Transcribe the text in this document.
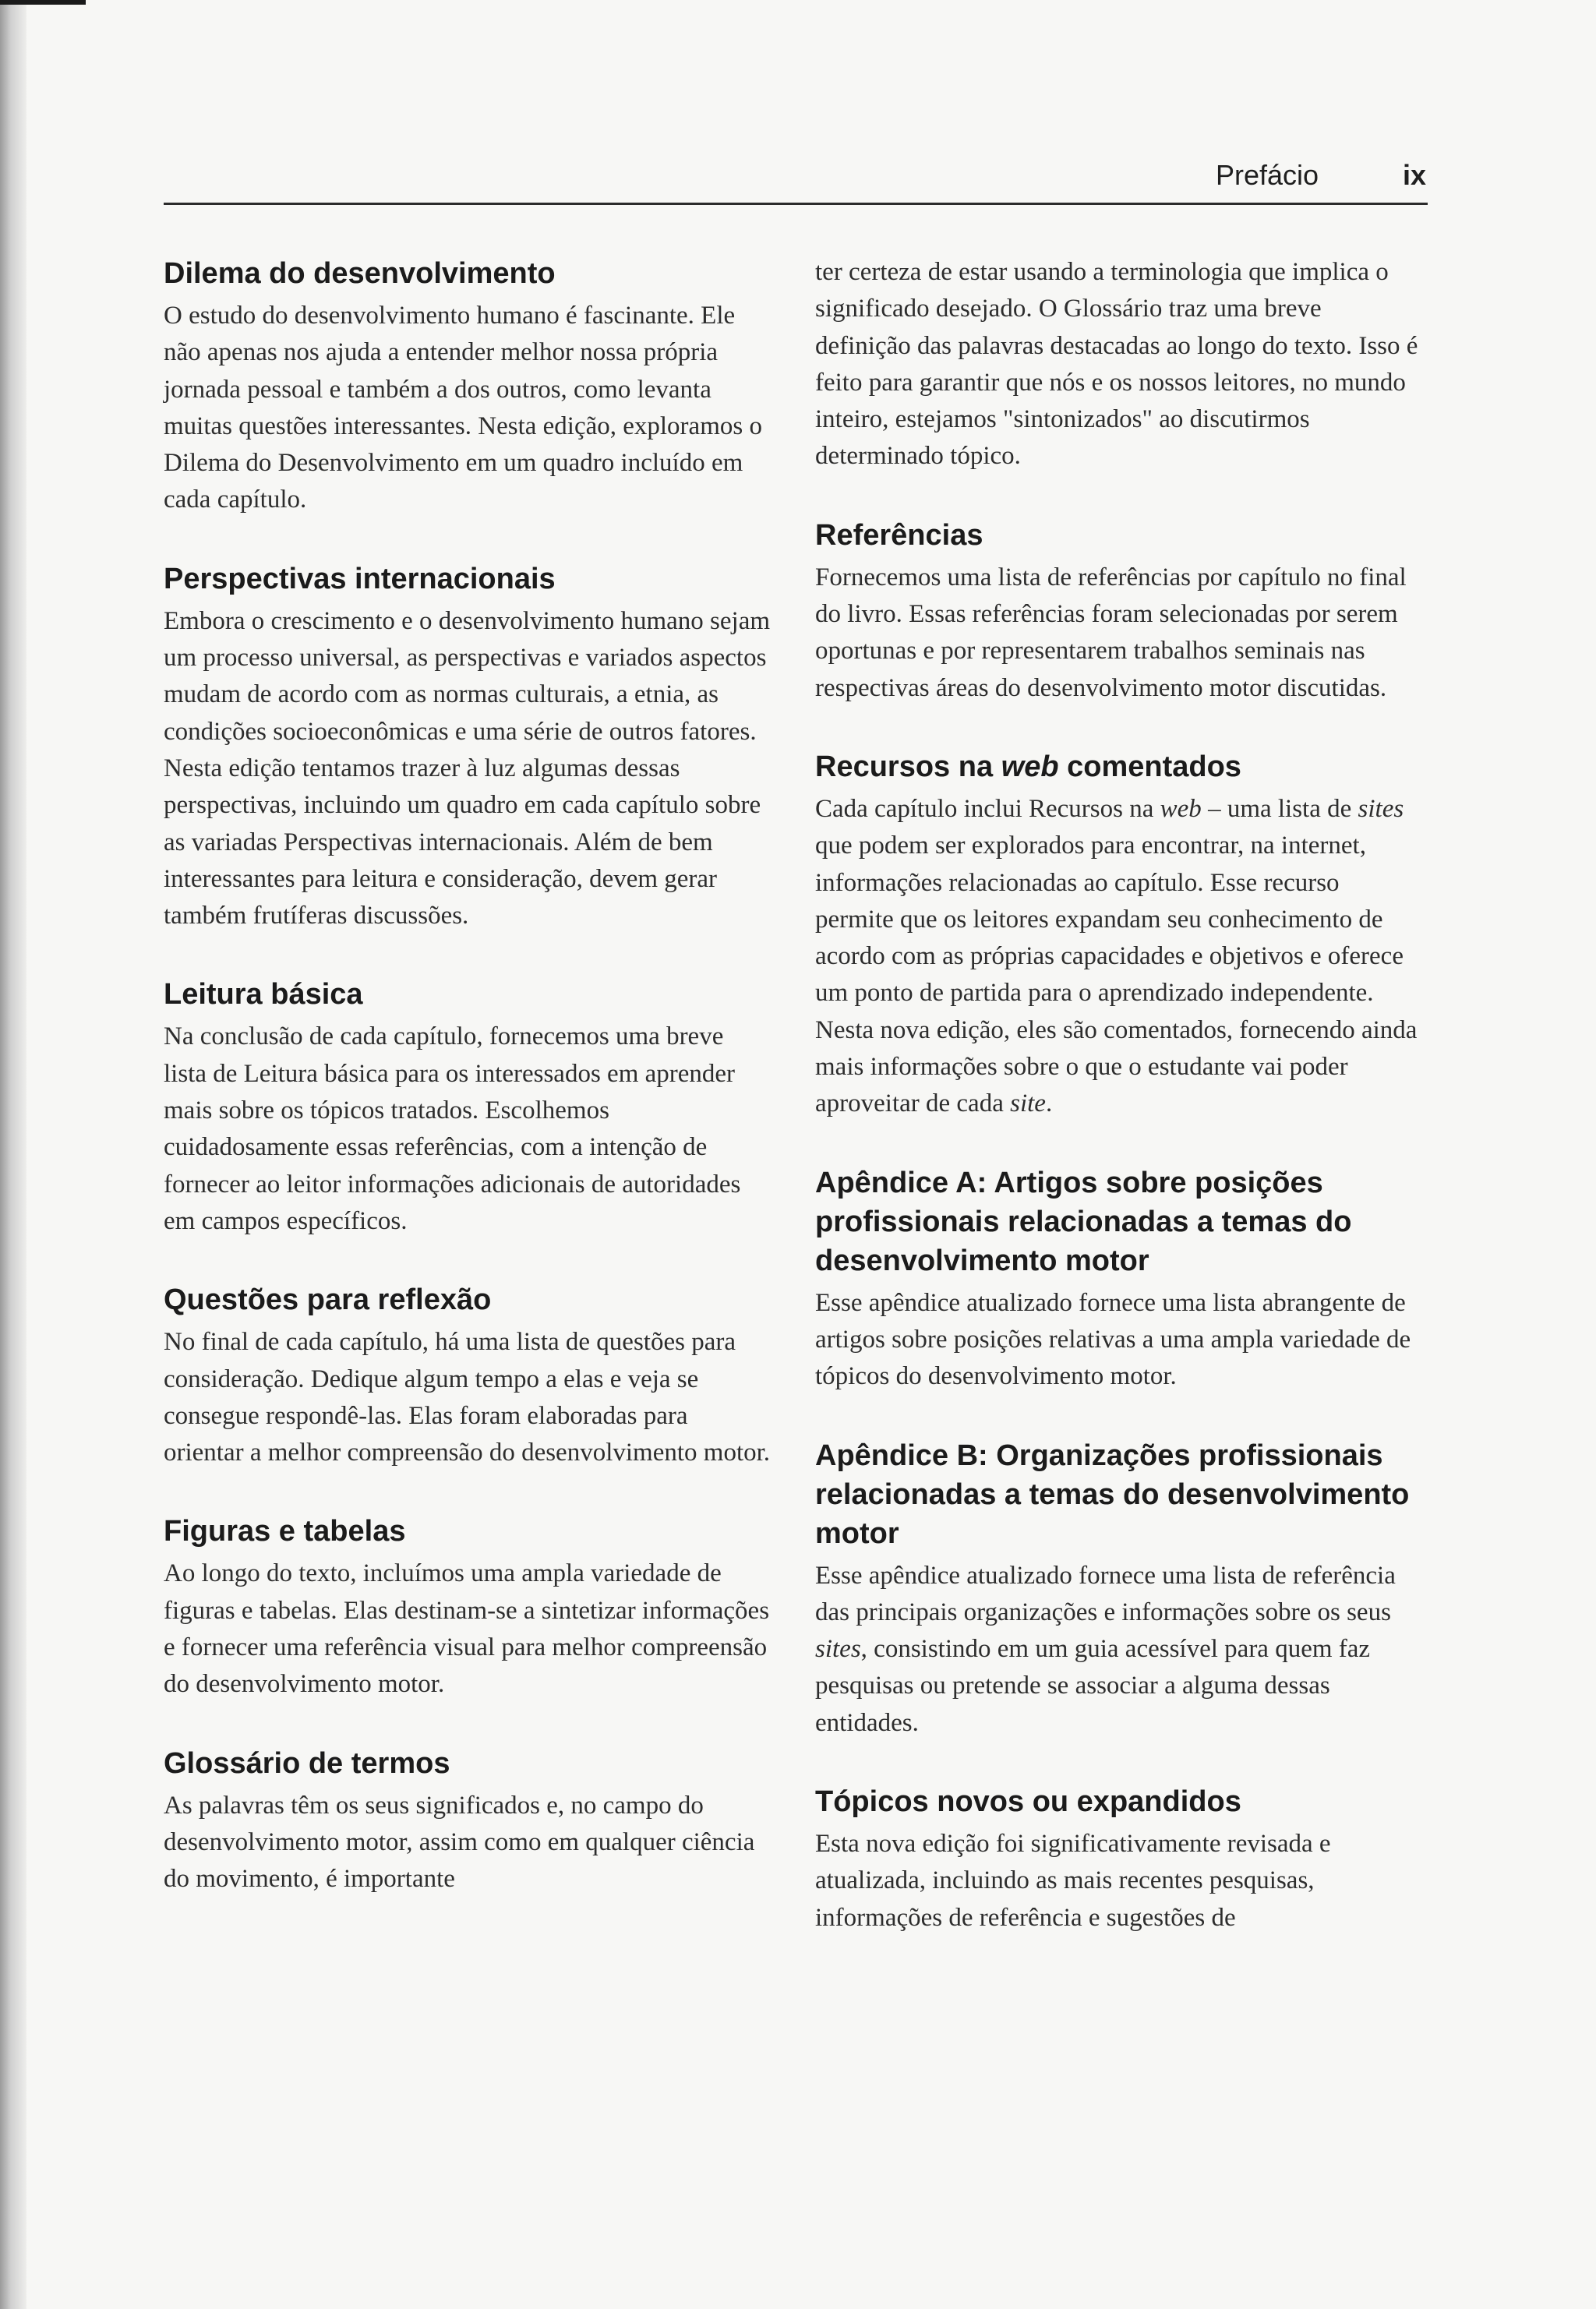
Prefácio	ix
Dilema do desenvolvimento

O estudo do desenvolvimento humano é fascinante. Ele não apenas nos ajuda a entender melhor nossa própria jornada pessoal e também a dos outros, como levanta muitas questões interessantes. Nesta edição, exploramos o Dilema do Desenvolvimento em um quadro incluído em cada capítulo.

Perspectivas internacionais

Embora o crescimento e o desenvolvimento humano sejam um processo universal, as perspectivas e variados aspectos mudam de acordo com as normas culturais, a etnia, as condições socioeconômicas e uma série de outros fatores. Nesta edição tentamos trazer à luz algumas dessas perspectivas, incluindo um quadro em cada capítulo sobre as variadas Perspectivas internacionais. Além de bem interessantes para leitura e consideração, devem gerar também frutíferas discussões.

Leitura básica

Na conclusão de cada capítulo, fornecemos uma breve lista de Leitura básica para os interessados em aprender mais sobre os tópicos tratados. Escolhemos cuidadosamente essas referências, com a intenção de fornecer ao leitor informações adicionais de autoridades em campos específicos.

Questões para reflexão

No final de cada capítulo, há uma lista de questões para consideração. Dedique algum tempo a elas e veja se consegue respondê-las. Elas foram elaboradas para orientar a melhor compreensão do desenvolvimento motor.

Figuras e tabelas

Ao longo do texto, incluímos uma ampla variedade de figuras e tabelas. Elas destinam-se a sintetizar informações e fornecer uma referência visual para melhor compreensão do desenvolvimento motor.

Glossário de termos

As palavras têm os seus significados e, no campo do desenvolvimento motor, assim como em qualquer ciência do movimento, é importante

ter certeza de estar usando a terminologia que implica o significado desejado. O Glossário traz uma breve definição das palavras destacadas ao longo do texto. Isso é feito para garantir que nós e os nossos leitores, no mundo inteiro, estejamos "sintonizados" ao discutirmos determinado tópico.

Referências

Fornecemos uma lista de referências por capítulo no final do livro. Essas referências foram selecionadas por serem oportunas e por representarem trabalhos seminais nas respectivas áreas do desenvolvimento motor discutidas.

Recursos na web comentados

Cada capítulo inclui Recursos na web – uma lista de sites que podem ser explorados para encontrar, na internet, informações relacionadas ao capítulo. Esse recurso permite que os leitores expandam seu conhecimento de acordo com as próprias capacidades e objetivos e oferece um ponto de partida para o aprendizado independente. Nesta nova edição, eles são comentados, fornecendo ainda mais informações sobre o que o estudante vai poder aproveitar de cada site.

Apêndice A: Artigos sobre posições profissionais relacionadas a temas do desenvolvimento motor

Esse apêndice atualizado fornece uma lista abrangente de artigos sobre posições relativas a uma ampla variedade de tópicos do desenvolvimento motor.

Apêndice B: Organizações profissionais relacionadas a temas do desenvolvimento motor

Esse apêndice atualizado fornece uma lista de referência das principais organizações e informações sobre os seus sites, consistindo em um guia acessível para quem faz pesquisas ou pretende se associar a alguma dessas entidades.

Tópicos novos ou expandidos

Esta nova edição foi significativamente revisada e atualizada, incluindo as mais recentes pesquisas, informações de referência e sugestões de
